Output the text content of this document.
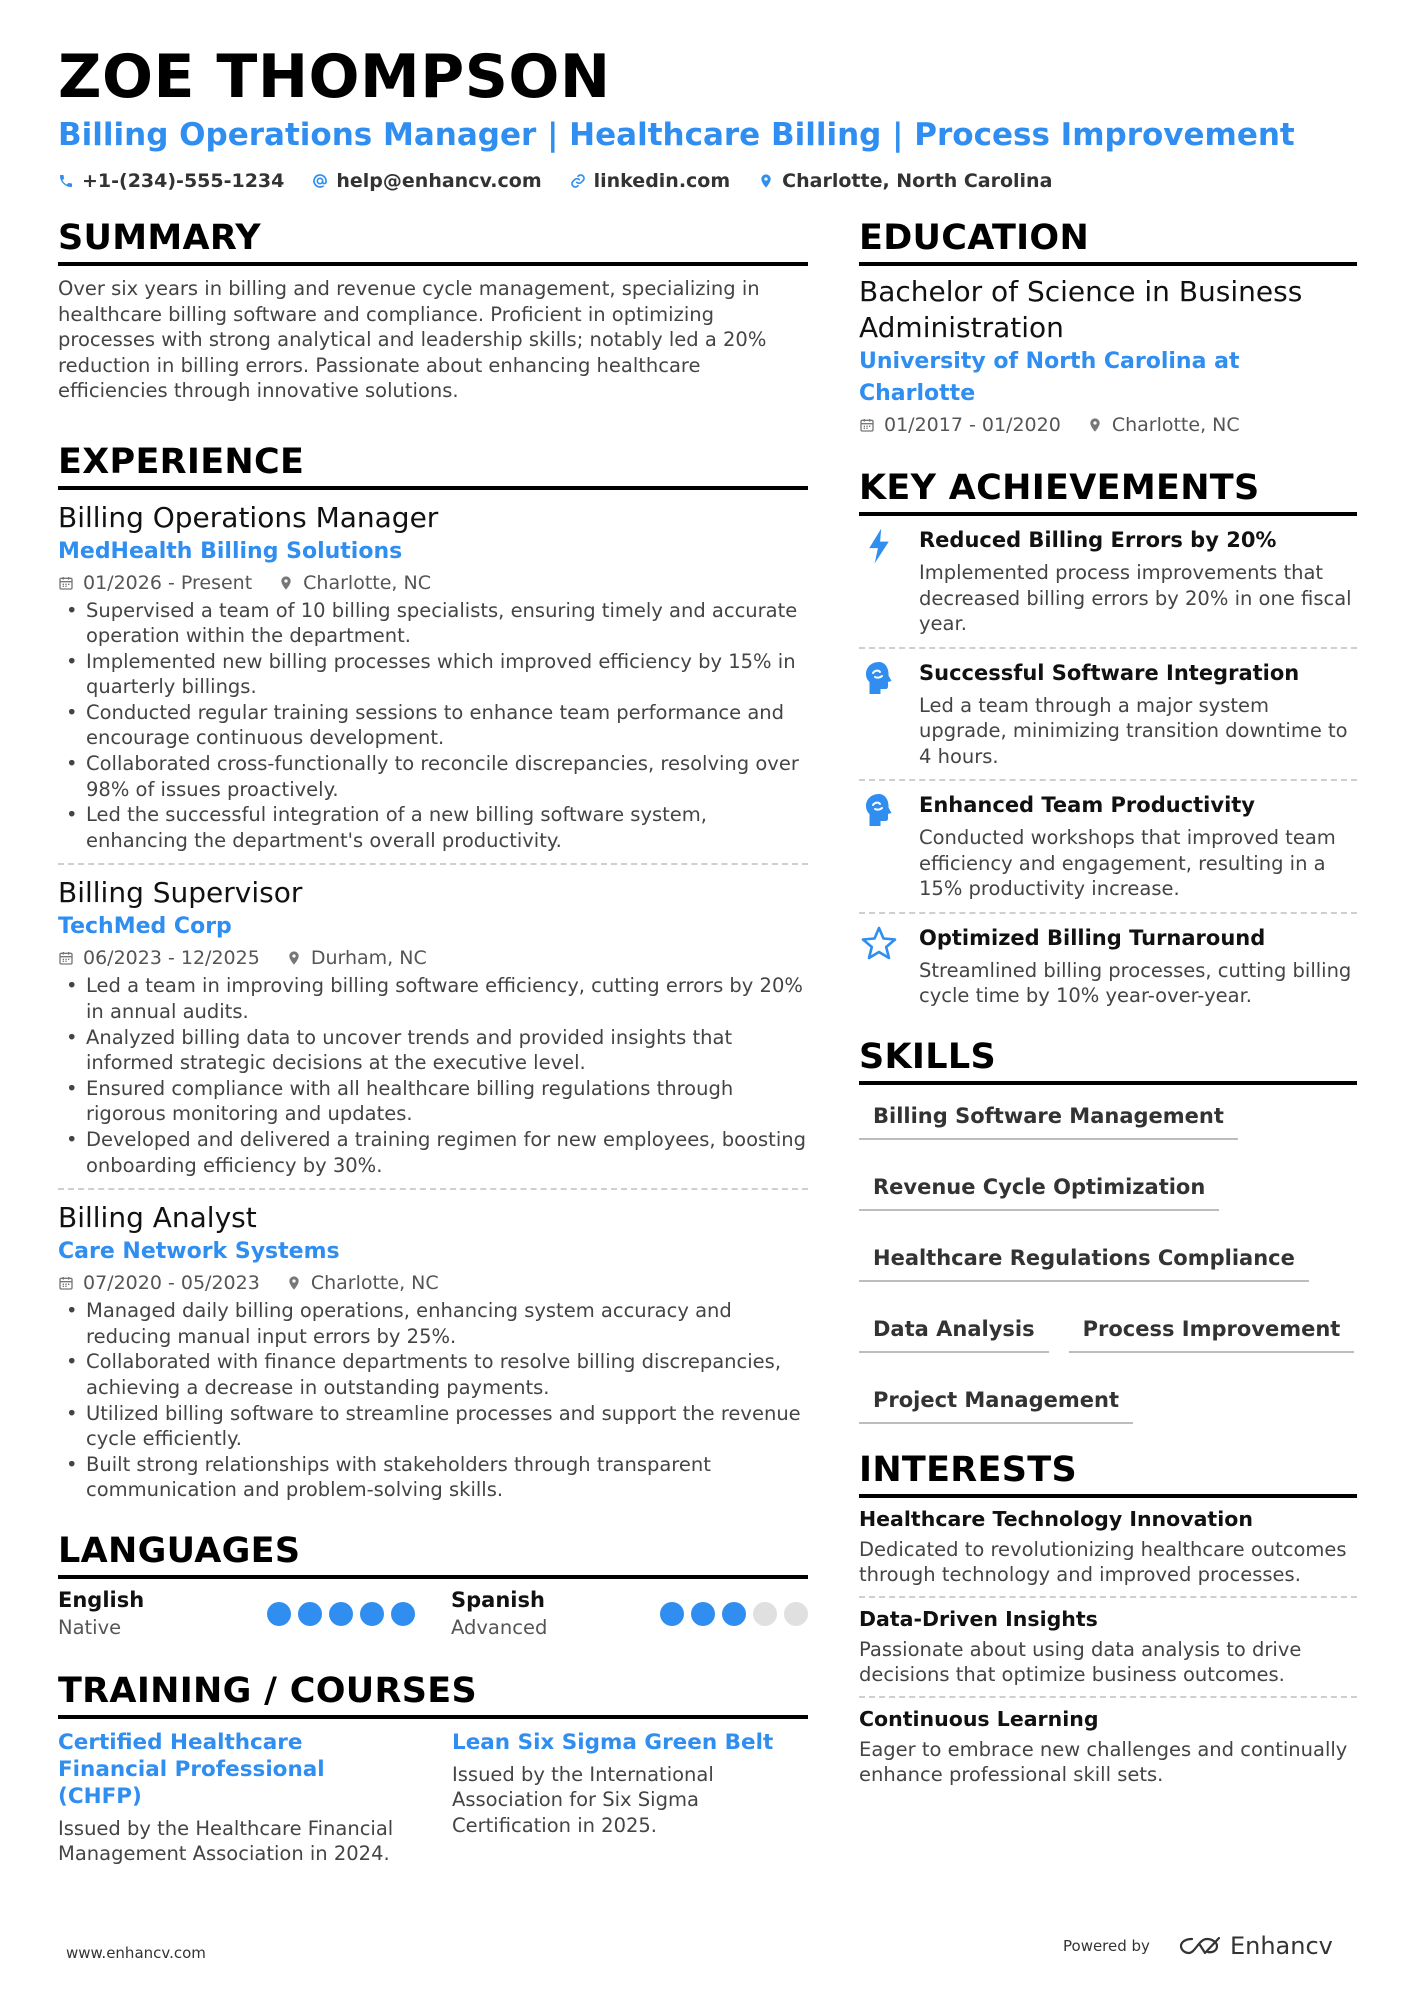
ZOE THOMPSON
Billing Operations Manager | Healthcare Billing | Process Improvement
+1-(234)-555-1234	help@enhancv.com	linkedin.com	Charlotte, North Carolina
SUMMARY
Over six years in billing and revenue cycle management, specializing in healthcare billing software and compliance. Proficient in optimizing processes with strong analytical and leadership skills; notably led a 20% reduction in billing errors. Passionate about enhancing healthcare efficiencies through innovative solutions.
EXPERIENCE
Billing Operations Manager
MedHealth Billing Solutions
01/2026 - Present	Charlotte, NC
• Supervised a team of 10 billing specialists, ensuring timely and accurate operation within the department.
• Implemented new billing processes which improved efficiency by 15% in quarterly billings.
• Conducted regular training sessions to enhance team performance and encourage continuous development.
• Collaborated cross-functionally to reconcile discrepancies, resolving over 98% of issues proactively.
• Led the successful integration of a new billing software system, enhancing the department's overall productivity.
Billing Supervisor
TechMed Corp
06/2023 - 12/2025	Durham, NC
• Led a team in improving billing software efficiency, cutting errors by 20% in annual audits.
• Analyzed billing data to uncover trends and provided insights that informed strategic decisions at the executive level.
• Ensured compliance with all healthcare billing regulations through rigorous monitoring and updates.
• Developed and delivered a training regimen for new employees, boosting onboarding efficiency by 30%.
Billing Analyst
Care Network Systems
07/2020 - 05/2023	Charlotte, NC
• Managed daily billing operations, enhancing system accuracy and reducing manual input errors by 25%.
• Collaborated with finance departments to resolve billing discrepancies, achieving a decrease in outstanding payments.
• Utilized billing software to streamline processes and support the revenue cycle efficiently.
• Built strong relationships with stakeholders through transparent communication and problem-solving skills.
LANGUAGES
English
Native
Spanish
Advanced
TRAINING / COURSES
Certified Healthcare Financial Professional (CHFP)
Issued by the Healthcare Financial Management Association in 2024.
Lean Six Sigma Green Belt
Issued by the International Association for Six Sigma Certification in 2025.
EDUCATION
Bachelor of Science in Business Administration
University of North Carolina at Charlotte
01/2017 - 01/2020	Charlotte, NC
KEY ACHIEVEMENTS
Reduced Billing Errors by 20%
Implemented process improvements that decreased billing errors by 20% in one fiscal year.
Successful Software Integration
Led a team through a major system upgrade, minimizing transition downtime to 4 hours.
Enhanced Team Productivity
Conducted workshops that improved team efficiency and engagement, resulting in a 15% productivity increase.
Optimized Billing Turnaround
Streamlined billing processes, cutting billing cycle time by 10% year-over-year.
SKILLS
Billing Software Management
Revenue Cycle Optimization
Healthcare Regulations Compliance
Data Analysis	Process Improvement
Project Management
INTERESTS
Healthcare Technology Innovation
Dedicated to revolutionizing healthcare outcomes through technology and improved processes.
Data-Driven Insights
Passionate about using data analysis to drive decisions that optimize business outcomes.
Continuous Learning
Eager to embrace new challenges and continually enhance professional skill sets.
www.enhancv.com	Powered by	Enhancv
